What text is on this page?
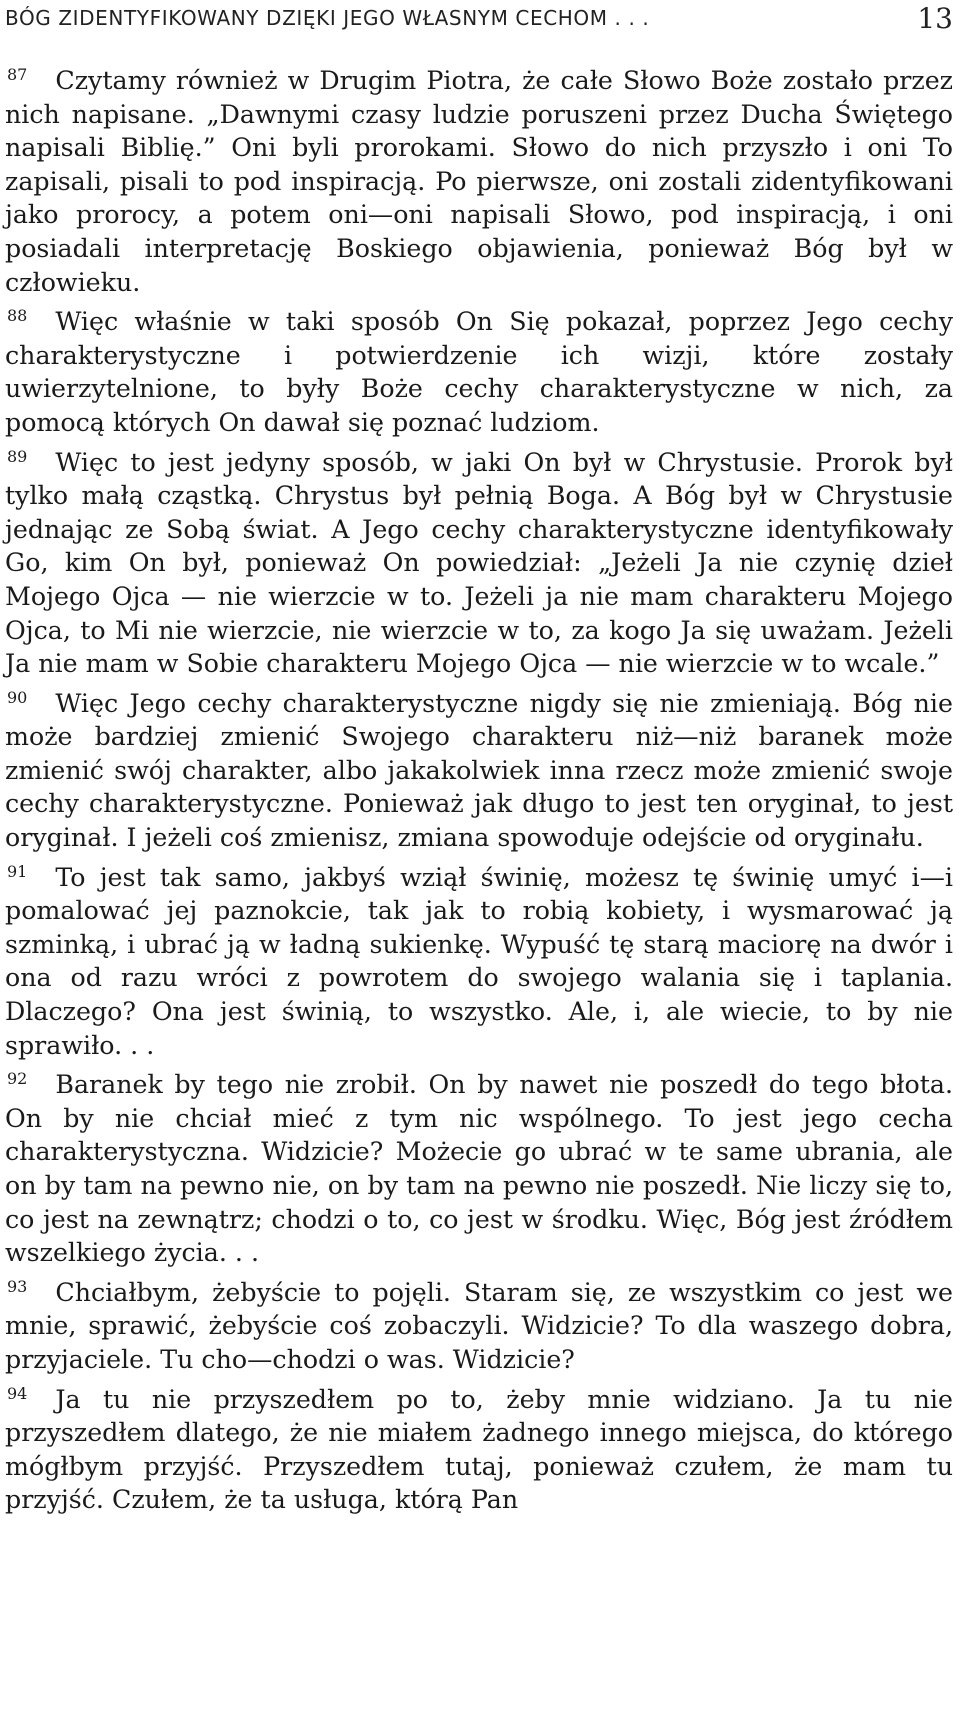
BÓG ZIDENTYFIKOWANY DZIĘKI JEGO WŁASNYM CECHOM . . .	13

$^{87}$ Czytamy również w Drugim Piotra, że całe Słowo Boże zostało przez nich napisane. „Dawnymi czasy ludzie poruszeni przez Ducha Świętego napisali Biblię.” Oni byli prorokami. Słowo do nich przyszło i oni To zapisali, pisali to pod inspiracją. Po pierwsze, oni zostali zidentyfikowani jako prorocy, a potem oni—oni napisali Słowo, pod inspiracją, i oni posiadali interpretację Boskiego objawienia, ponieważ Bóg był w człowieku.

$^{88}$ Więc właśnie w taki sposób On Się pokazał, poprzez Jego cechy charakterystyczne i potwierdzenie ich wizji, które zostały uwierzytelnione, to były Boże cechy charakterystyczne w nich, za pomocą których On dawał się poznać ludziom.

$^{89}$ Więc to jest jedyny sposób, w jaki On był w Chrystusie. Prorok był tylko małą cząstką. Chrystus był pełnią Boga. A Bóg był w Chrystusie jednając ze Sobą świat. A Jego cechy charakterystyczne identyfikowały Go, kim On był, ponieważ On powiedział: „Jeżeli Ja nie czynię dzieł Mojego Ojca — nie wierzcie w to. Jeżeli ja nie mam charakteru Mojego Ojca, to Mi nie wierzcie, nie wierzcie w to, za kogo Ja się uważam. Jeżeli Ja nie mam w Sobie charakteru Mojego Ojca — nie wierzcie w to wcale.”

$^{90}$ Więc Jego cechy charakterystyczne nigdy się nie zmieniają. Bóg nie może bardziej zmienić Swojego charakteru niż—niż baranek może zmienić swój charakter, albo jakakolwiek inna rzecz może zmienić swoje cechy charakterystyczne. Ponieważ jak długo to jest ten oryginał, to jest oryginał. I jeżeli coś zmienisz, zmiana spowoduje odejście od oryginału.

$^{91}$ To jest tak samo, jakbyś wziął świnię, możesz tę świnię umyć i—i pomalować jej paznokcie, tak jak to robią kobiety, i wysmarować ją szminką, i ubrać ją w ładną sukienkę. Wypuść tę starą maciorę na dwór i ona od razu wróci z powrotem do swojego walania się i taplania. Dlaczego? Ona jest świnią, to wszystko. Ale, i, ale wiecie, to by nie sprawiło. . .

$^{92}$ Baranek by tego nie zrobił. On by nawet nie poszedł do tego błota. On by nie chciał mieć z tym nic wspólnego. To jest jego cecha charakterystyczna. Widzicie? Możecie go ubrać w te same ubrania, ale on by tam na pewno nie, on by tam na pewno nie poszedł. Nie liczy się to, co jest na zewnątrz; chodzi o to, co jest w środku. Więc, Bóg jest źródłem wszelkiego życia. . .

$^{93}$ Chciałbym, żebyście to pojęli. Staram się, ze wszystkim co jest we mnie, sprawić, żebyście coś zobaczyli. Widzicie? To dla waszego dobra, przyjaciele. Tu cho—chodzi o was. Widzicie?

$^{94}$ Ja tu nie przyszedłem po to, żeby mnie widziano. Ja tu nie przyszedłem dlatego, że nie miałem żadnego innego miejsca, do którego mógłbym przyjść. Przyszedłem tutaj, ponieważ czułem, że mam tu przyjść. Czułem, że ta usługa, którą Pan
